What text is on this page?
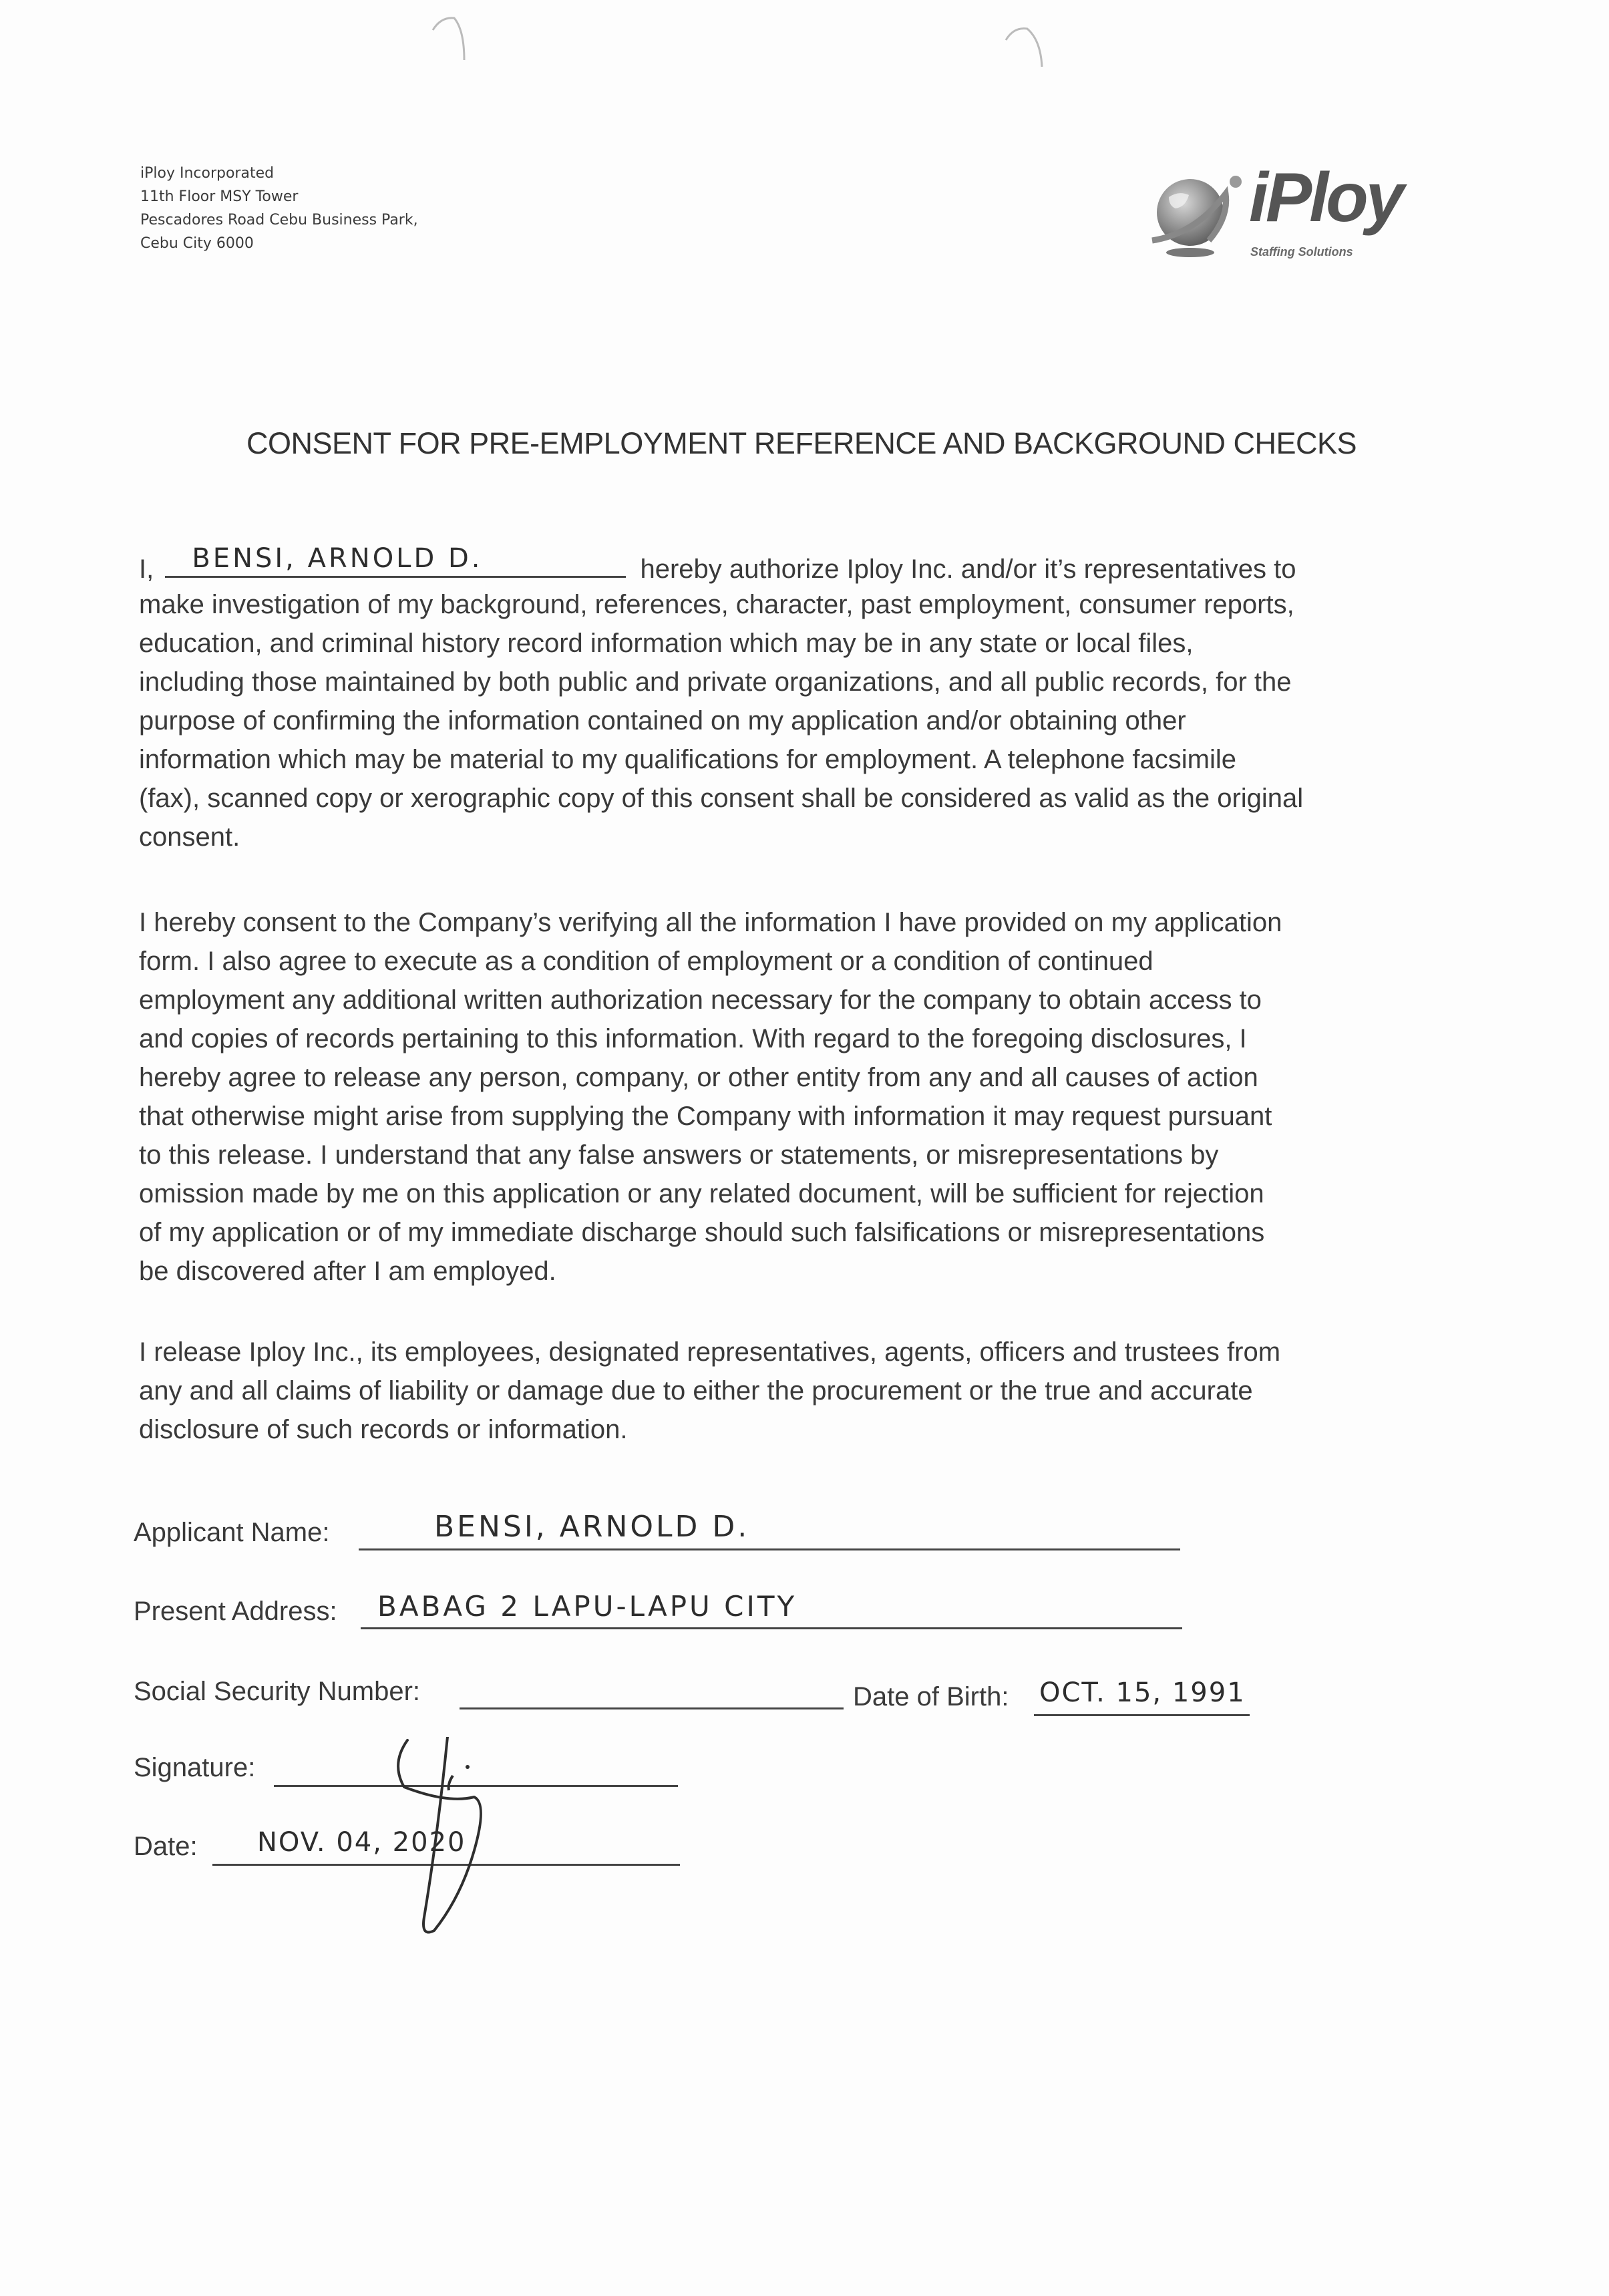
iPloy Incorporated
11th Floor MSY Tower
Pescadores Road Cebu Business Park,
Cebu City 6000
iPloy
Staffing Solutions
CONSENT FOR PRE-EMPLOYMENT REFERENCE AND BACKGROUND CHECKS
I, BENSI, ARNOLD D.	hereby authorize Iploy Inc. and/or it’s representatives to
make investigation of my background, references, character, past employment, consumer reports,
education, and criminal history record information which may be in any state or local files,
including those maintained by both public and private organizations, and all public records, for the
purpose of confirming the information contained on my application and/or obtaining other
information which may be material to my qualifications for employment. A telephone facsimile
(fax), scanned copy or xerographic copy of this consent shall be considered as valid as the original
consent.
I hereby consent to the Company’s verifying all the information I have provided on my application
form. I also agree to execute as a condition of employment or a condition of continued
employment any additional written authorization necessary for the company to obtain access to
and copies of records pertaining to this information. With regard to the foregoing disclosures, I
hereby agree to release any person, company, or other entity from any and all causes of action
that otherwise might arise from supplying the Company with information it may request pursuant
to this release. I understand that any false answers or statements, or misrepresentations by
omission made by me on this application or any related document, will be sufficient for rejection
of my application or of my immediate discharge should such falsifications or misrepresentations
be discovered after I am employed.
I release Iploy Inc., its employees, designated representatives, agents, officers and trustees from
any and all claims of liability or damage due to either the procurement or the true and accurate
disclosure of such records or information.
Applicant Name:	BENSI, ARNOLD D.
Present Address: BABAG 2 LAPU-LAPU CITY
Social Security Number:	Date of Birth: OCT. 15, 1991
Signature:
Date: NOV. 04, 2020
